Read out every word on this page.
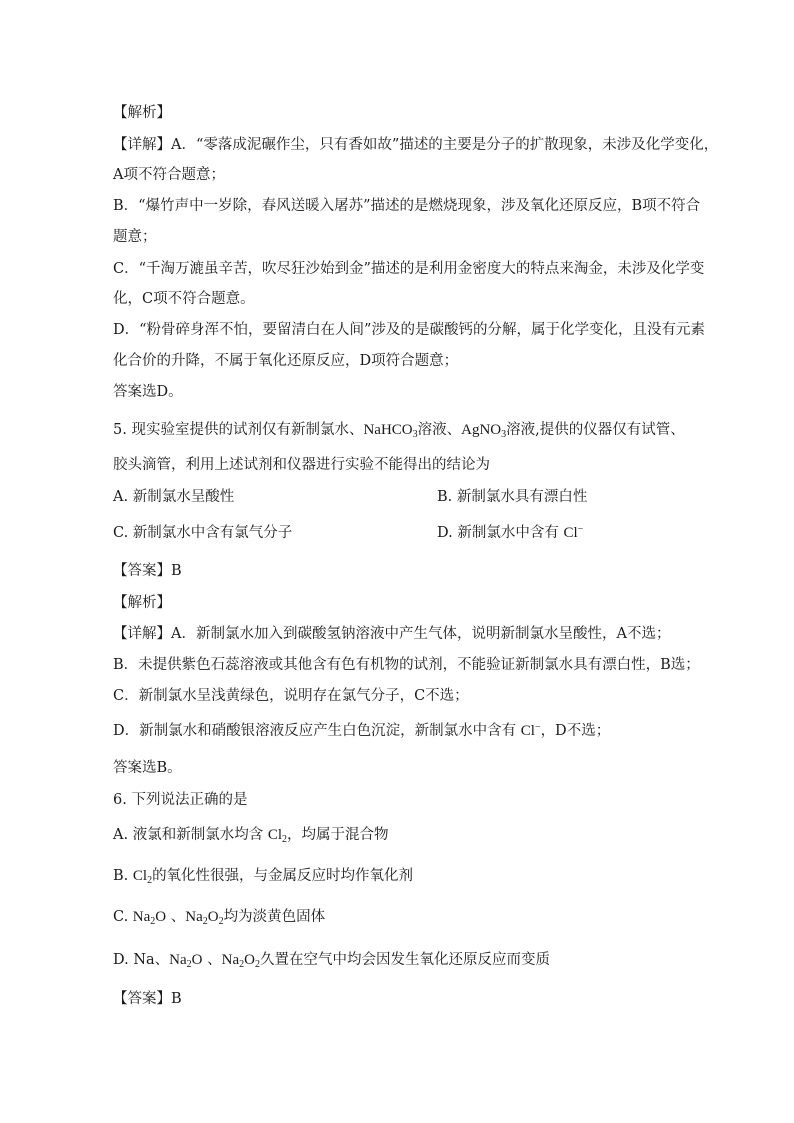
【解析】
【详解】A．“零落成泥碾作尘，只有香如故”描述的主要是分子的扩散现象，未涉及化学变化，
A项不符合题意；
B．“爆竹声中一岁除，春风送暖入屠苏”描述的是燃烧现象，涉及氧化还原反应，B项不符合
题意；
C．“千淘万漉虽辛苦，吹尽狂沙始到金”描述的是利用金密度大的特点来淘金，未涉及化学变
化，C项不符合题意。
D．“粉骨碎身浑不怕，要留清白在人间”涉及的是碳酸钙的分解，属于化学变化，且没有元素
化合价的升降，不属于氧化还原反应，D项符合题意；
答案选D。
5. 现实验室提供的试剂仅有新制氯水、NaHCO$_3$溶液、AgNO$_3$溶液,提供的仪器仅有试管、
胶头滴管，利用上述试剂和仪器进行实验不能得出的结论为
A. 新制氯水呈酸性	B. 新制氯水具有漂白性
C. 新制氯水中含有氯气分子	D. 新制氯水中含有 Cl−
【答案】B
【解析】
【详解】A．新制氯水加入到碳酸氢钠溶液中产生气体，说明新制氯水呈酸性，A不选；
B．未提供紫色石蕊溶液或其他含有色有机物的试剂，不能验证新制氯水具有漂白性，B选；
C．新制氯水呈浅黄绿色，说明存在氯气分子，C不选；
D．新制氯水和硝酸银溶液反应产生白色沉淀，新制氯水中含有 Cl−，D不选；
答案选B。
6. 下列说法正确的是
A. 液氯和新制氯水均含 $Cl_2$，均属于混合物
B. $Cl_2$的氧化性很强，与金属反应时均作氧化剂
C. $Na_2O$ 、$Na_2O_2$均为淡黄色固体
D. Na、$Na_2O$ 、$Na_2O_2$久置在空气中均会因发生氧化还原反应而变质
【答案】B
